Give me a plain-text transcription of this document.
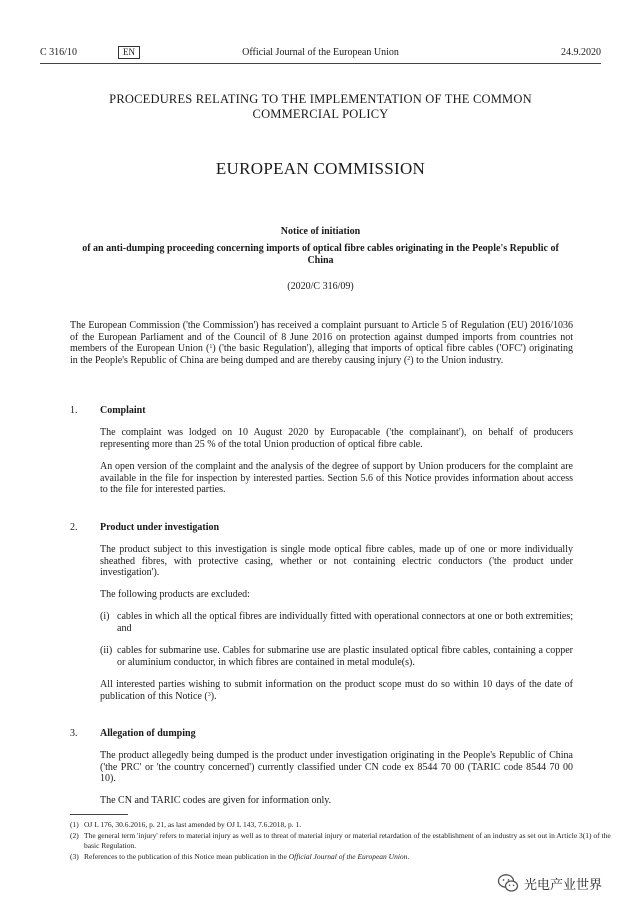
C 316/10	Official Journal of the European Union
EN	24.9.2020
PROCEDURES RELATING TO THE IMPLEMENTATION OF THE COMMON COMMERCIAL POLICY
EUROPEAN COMMISSION
Notice of initiation
of an anti-dumping proceeding concerning imports of optical fibre cables originating in the People's Republic of China
(2020/C 316/09)
The European Commission ('the Commission') has received a complaint pursuant to Article 5 of Regulation (EU) 2016/1036 of the European Parliament and of the Council of 8 June 2016 on protection against dumped imports from countries not members of the European Union ($^1$) ('the basic Regulation'), alleging that imports of optical fibre cables ('OFC') originating in the People's Republic of China are being dumped and are thereby causing injury ($^2$) to the Union industry.
1. Complaint
The complaint was lodged on 10 August 2020 by Europacable ('the complainant'), on behalf of producers representing more than 25 % of the total Union production of optical fibre cable.
An open version of the complaint and the analysis of the degree of support by Union producers for the complaint are available in the file for inspection by interested parties. Section 5.6 of this Notice provides information about access to the file for interested parties.
2. Product under investigation
The product subject to this investigation is single mode optical fibre cables, made up of one or more individually sheathed fibres, with protective casing, whether or not containing electric conductors ('the product under investigation').
The following products are excluded:
(i) cables in which all the optical fibres are individually fitted with operational connectors at one or both extremities; and
(ii) cables for submarine use. Cables for submarine use are plastic insulated optical fibre cables, containing a copper or aluminium conductor, in which fibres are contained in metal module(s).
All interested parties wishing to submit information on the product scope must do so within 10 days of the date of publication of this Notice ($^3$).
3. Allegation of dumping
The product allegedly being dumped is the product under investigation originating in the People's Republic of China ('the PRC' or 'the country concerned') currently classified under CN code ex 8544 70 00 (TARIC code 8544 70 00 10).
The CN and TARIC codes are given for information only.
(1) OJ L 176, 30.6.2016, p. 21, as last amended by OJ L 143, 7.6.2018, p. 1.
(2) The general term 'injury' refers to material injury as well as to threat of material injury or material retardation of the establishment of an industry as set out in Article 3(1) of the basic Regulation.
(3) References to the publication of this Notice mean publication in the Official Journal of the European Union.
光电产业世界
